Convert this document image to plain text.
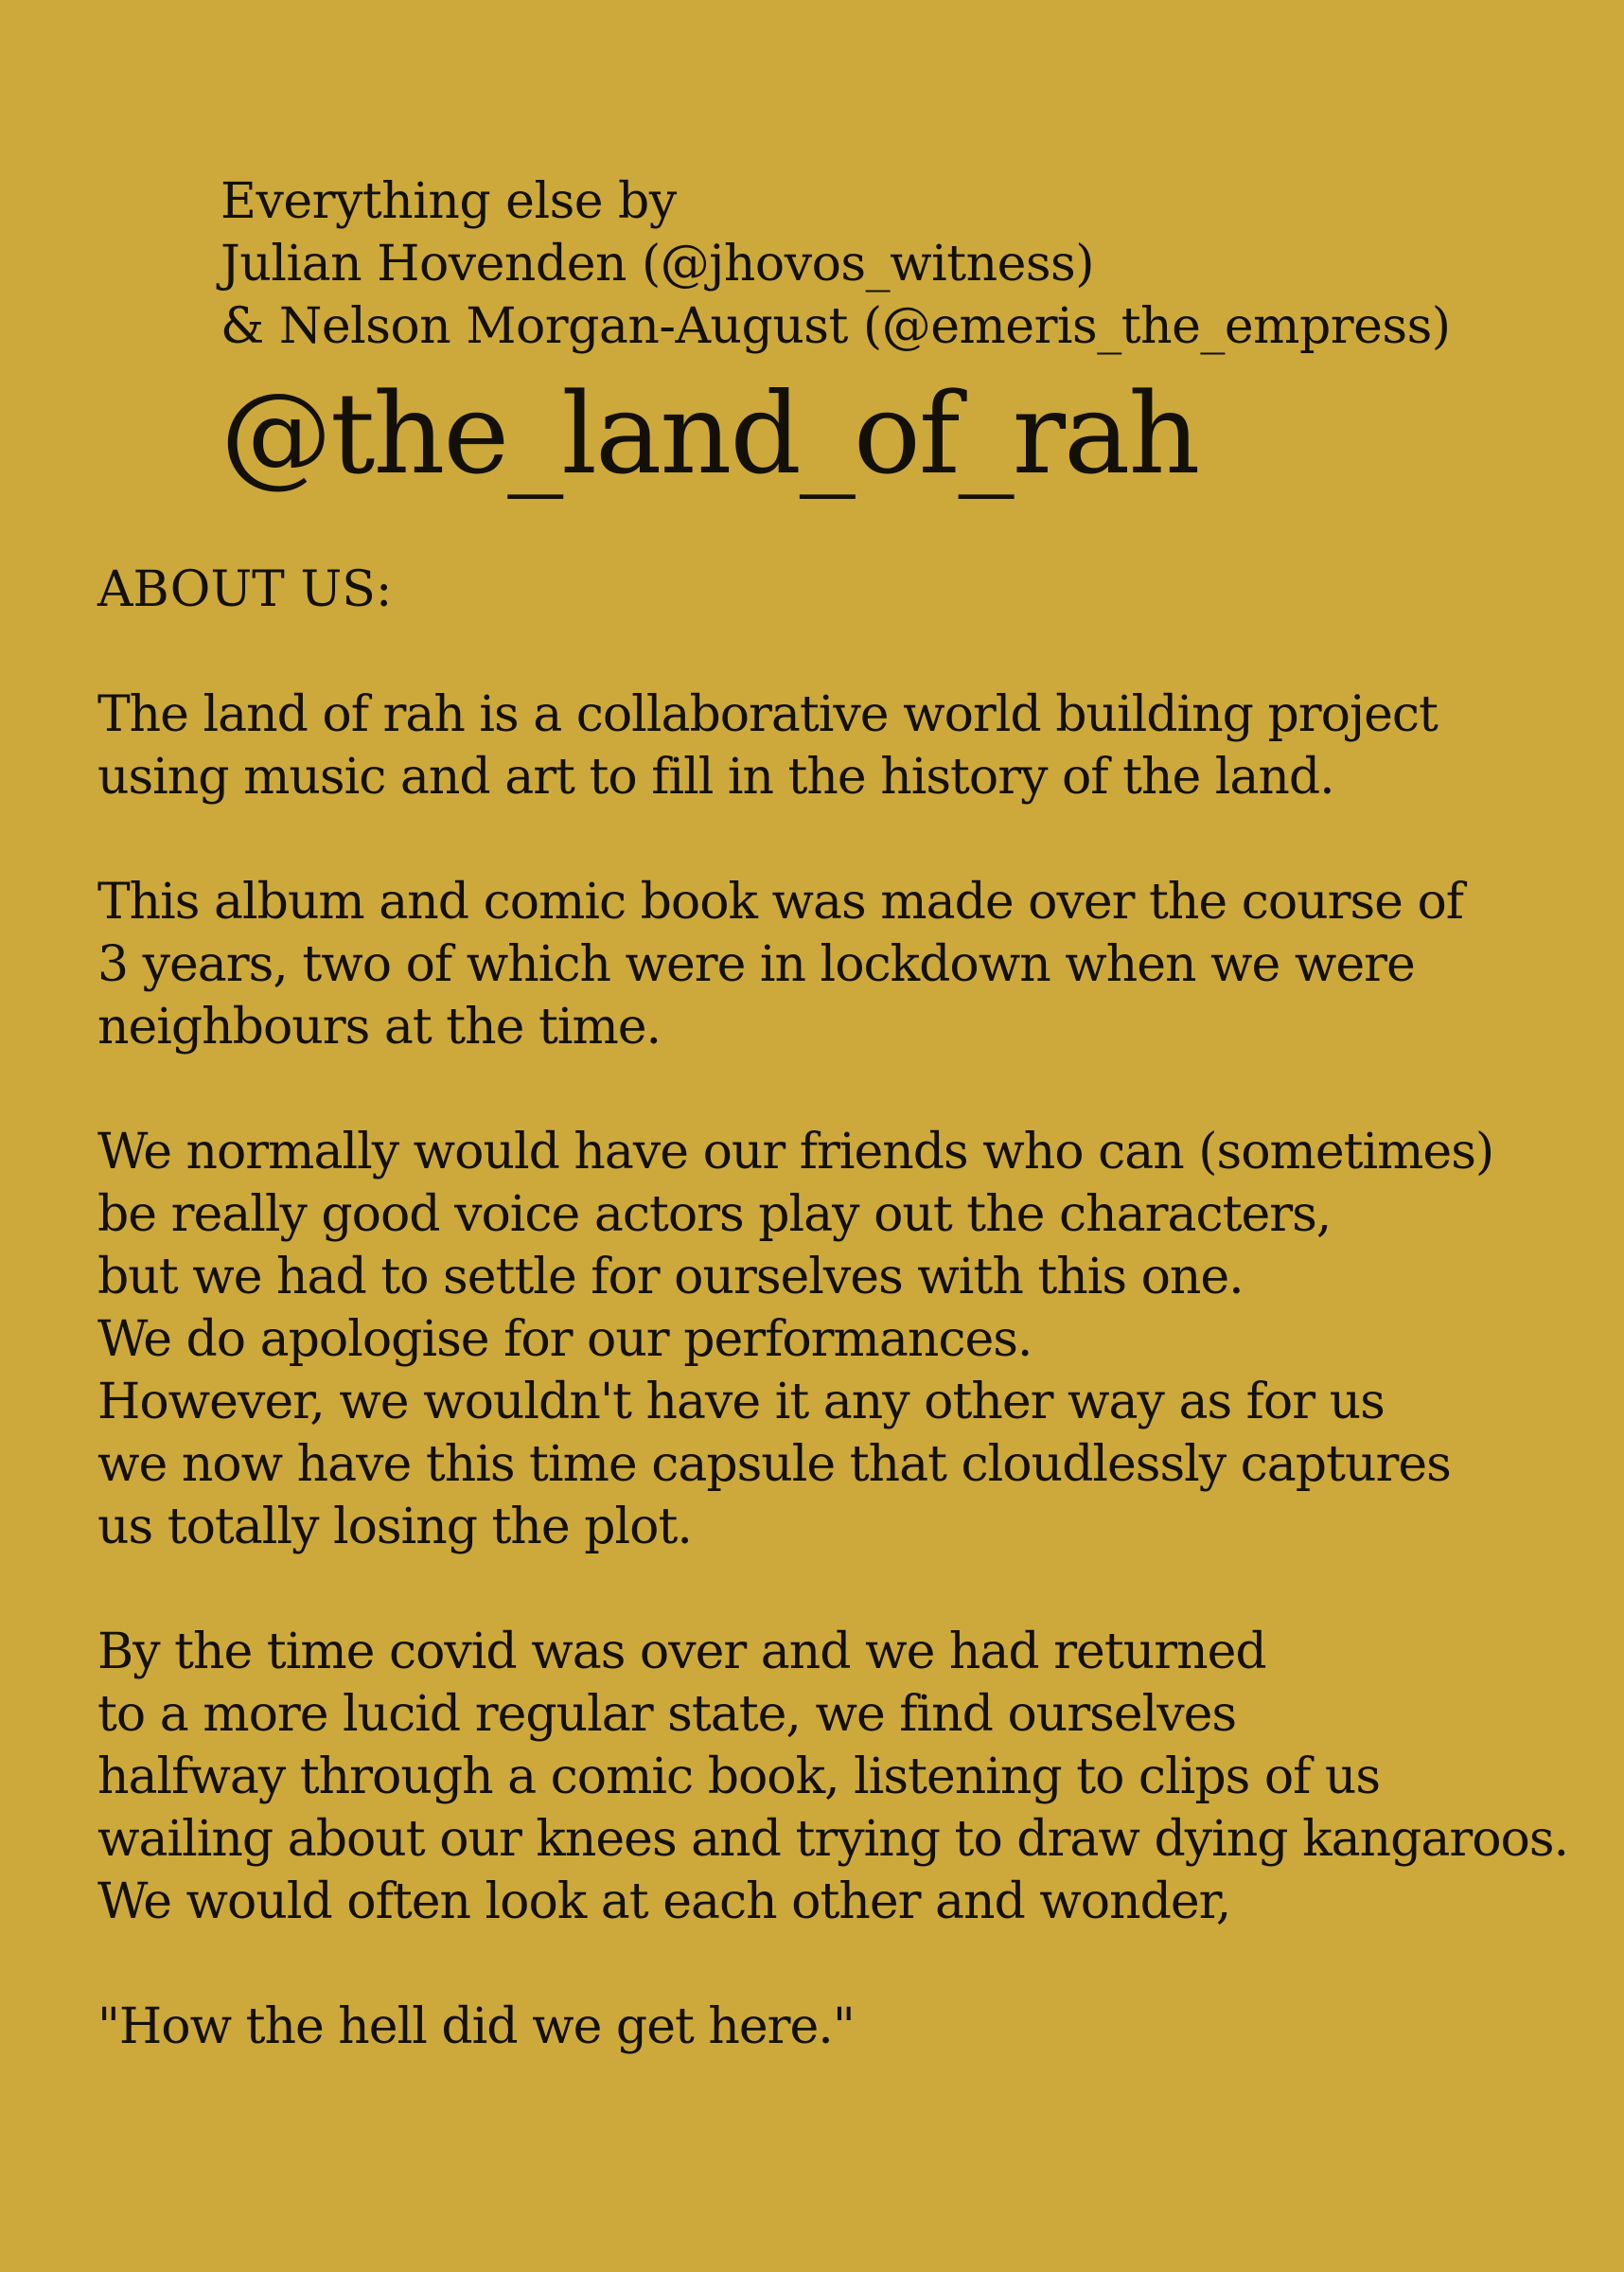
Everything else by
Julian Hovenden (@jhovos_witness)
& Nelson Morgan-August (@emeris_the_empress)
@the_land_of_rah
ABOUT US:
The land of rah is a collaborative world building project
using music and art to fill in the history of the land.
This album and comic book was made over the course of
3 years, two of which were in lockdown when we were
neighbours at the time.
We normally would have our friends who can (sometimes)
be really good voice actors play out the characters,
but we had to settle for ourselves with this one.
We do apologise for our performances.
However, we wouldn't have it any other way as for us
we now have this time capsule that cloudlessly captures
us totally losing the plot.
By the time covid was over and we had returned
to a more lucid regular state, we find ourselves
halfway through a comic book, listening to clips of us
wailing about our knees and trying to draw dying kangaroos.
We would often look at each other and wonder,
"How the hell did we get here."
